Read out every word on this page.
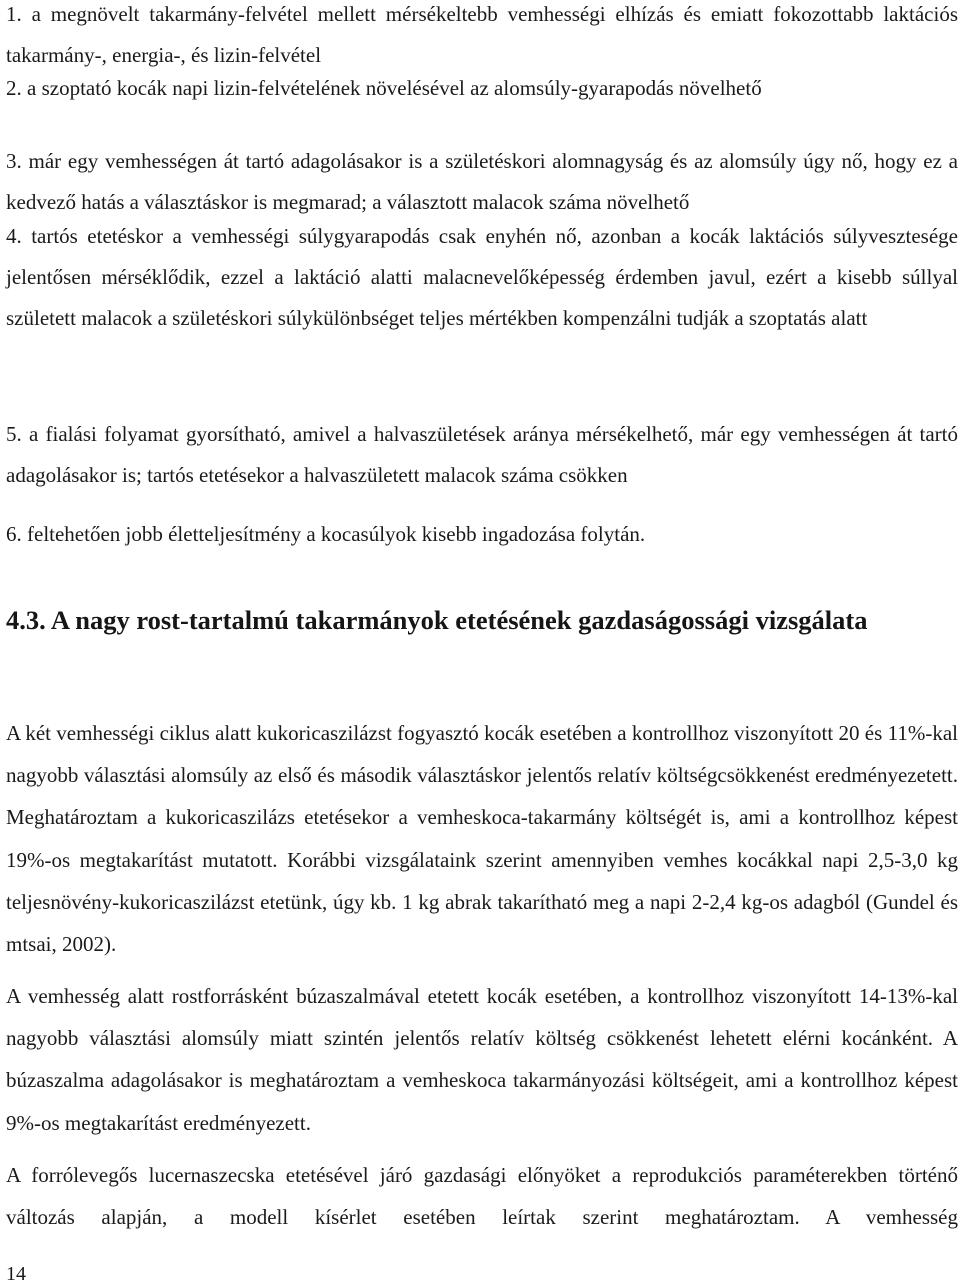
1. a megnövelt takarmány-felvétel mellett mérsékeltebb vemhességi elhízás és emiatt fokozottabb laktációs takarmány-, energia-, és lizin-felvétel

2. a szoptató kocák napi lizin-felvételének növelésével az alomsúly-gyarapodás növelhető

3. már egy vemhességen át tartó adagolásakor is a születéskori alomnagyság és az alomsúly úgy nő, hogy ez a kedvező hatás a választáskor is megmarad; a választott malacok száma növelhető

4. tartós etetéskor a vemhességi súlygyarapodás csak enyhén nő, azonban a kocák laktációs súlyvesztesége jelentősen mérséklődik, ezzel a laktáció alatti malacnevelőképesség érdemben javul, ezért a kisebb súllyal született malacok a születéskori súlykülönbséget teljes mértékben kompenzálni tudják a szoptatás alatt

5. a fialási folyamat gyorsítható, amivel a halvaszületések aránya mérsékelhető, már egy vemhességen át tartó adagolásakor is; tartós etetésekor a halvaszületett malacok száma csökken

6. feltehetően jobb életteljesítmény a kocasúlyok kisebb ingadozása folytán.

4.3. A nagy rost-tartalmú takarmányok etetésének gazdaságossági vizsgálata

A két vemhességi ciklus alatt kukoricaszilázst fogyasztó kocák esetében a kontrollhoz viszonyított 20 és 11%-kal nagyobb választási alomsúly az első és második választáskor jelentős relatív költségcsökkenést eredményezetett. Meghatároztam a kukoricaszilázs etetésekor a vemheskoca-takarmány költségét is, ami a kontrollhoz képest 19%-os megtakarítást mutatott. Korábbi vizsgálataink szerint amennyiben vemhes kocákkal napi 2,5-3,0 kg teljesnövény-kukoricaszilázst etetünk, úgy kb. 1 kg abrak takarítható meg a napi 2-2,4 kg-os adagból (Gundel és mtsai, 2002).

A vemhesség alatt rostforrásként búzaszalmával etetett kocák esetében, a kontrollhoz viszonyított 14-13%-kal nagyobb választási alomsúly miatt szintén jelentős relatív költség csökkenést lehetett elérni kocánként. A búzaszalma adagolásakor is meghatároztam a vemheskoca takarmányozási költségeit, ami a kontrollhoz képest 9%-os megtakarítást eredményezett.

A forrólevegős lucernaszecska etetésével járó gazdasági előnyöket a reprodukciós paraméterekben történő változás alapján, a modell kísérlet esetében leírtak szerint meghatároztam. A vemhesség

14
